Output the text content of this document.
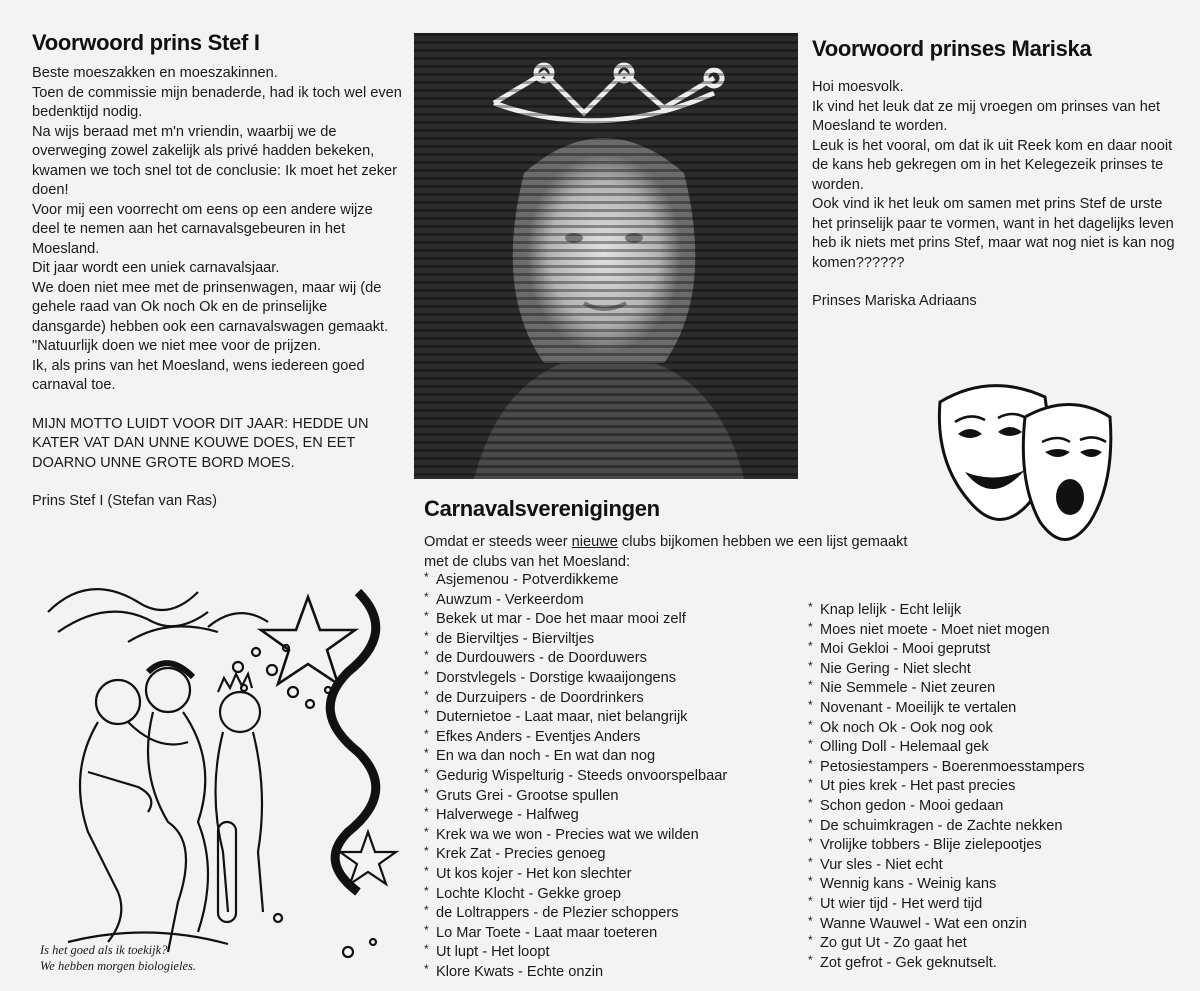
Voorwoord prins Stef I

Beste moeszakken en moeszakinnen.

Toen de commissie mijn benaderde, had ik toch wel even bedenktijd nodig.

Na wijs beraad met m'n vriendin, waarbij we de overweging zowel zakelijk als privé hadden bekeken, kwamen we toch snel tot de conclusie: Ik moet het zeker doen!

Voor mij een voorrecht om eens op een andere wijze deel te nemen aan het carnavalsgebeuren in het Moesland.

Dit jaar wordt een uniek carnavalsjaar.

We doen niet mee met de prinsenwagen, maar wij (de gehele raad van Ok noch Ok en de prinselijke dansgarde) hebben ook een carnavalswagen gemaakt.

"Natuurlijk doen we niet mee voor de prijzen.

Ik, als prins van het Moesland, wens iedereen goed carnaval toe.

MIJN MOTTO LUIDT VOOR DIT JAAR: HEDDE UN KATER VAT DAN UNNE KOUWE DOES, EN EET DOARNO UNNE GROTE BORD MOES.

Prins Stef I (Stefan van Ras)

Is het goed als ik toekijk?
We hebben morgen biologieles.
Voorwoord prinses Mariska

Hoi moesvolk.

Ik vind het leuk dat ze mij vroegen om prinses van het Moesland te worden.

Leuk is het vooral, om dat ik uit Reek kom en daar nooit de kans heb gekregen om in het Kelegezeik prinses te worden.

Ook vind ik het leuk om samen met prins Stef de urste het prinselijk paar te vormen, want in het dagelijks leven heb ik niets met prins Stef, maar wat nog niet is kan nog komen??????

Prinses Mariska Adriaans

Carnavalsverenigingen
Omdat er steeds weer nieuwe clubs bijkomen hebben we een lijst gemaakt met de clubs van het Moesland:
* Asjemenou - Potverdikkeme
* Auwzum - Verkeerdom
* Bekek ut mar - Doe het maar mooi zelf
* de Bierviltjes - Bierviltjes
* de Durdouwers - de Doorduwers
* Dorstvlegels - Dorstige kwaaijongens
* de Durzuipers - de Doordrinkers
* Duternietoe - Laat maar, niet belangrijk
* Efkes Anders - Eventjes Anders
* En wa dan noch - En wat dan nog
* Gedurig Wispelturig - Steeds onvoorspelbaar
* Gruts Grei - Grootse spullen
* Halverwege - Halfweg
* Krek wa we won - Precies wat we wilden
* Krek Zat - Precies genoeg
* Ut kos kojer - Het kon slechter
* Lochte Klocht - Gekke groep
* de Loltrappers - de Plezier schoppers
* Lo Mar Toete - Laat maar toeteren
* Ut lupt - Het loopt
* Klore Kwats - Echte onzin
* Knap lelijk - Echt lelijk
* Moes niet moete - Moet niet mogen
* Moi Gekloi - Mooi geprutst
* Nie Gering - Niet slecht
* Nie Semmele - Niet zeuren
* Novenant - Moeilijk te vertalen
* Ok noch Ok - Ook nog ook
* Olling Doll - Helemaal gek
* Petosiestampers - Boerenmoesstampers
* Ut pies krek - Het past precies
* Schon gedon - Mooi gedaan
* De schuimkragen - de Zachte nekken
* Vrolijke tobbers - Blije zielepootjes
* Vur sles - Niet echt
* Wennig kans - Weinig kans
* Ut wier tijd - Het werd tijd
* Wanne Wauwel - Wat een onzin
* Zo gut Ut - Zo gaat het
* Zot gefrot - Gek geknutselt.
